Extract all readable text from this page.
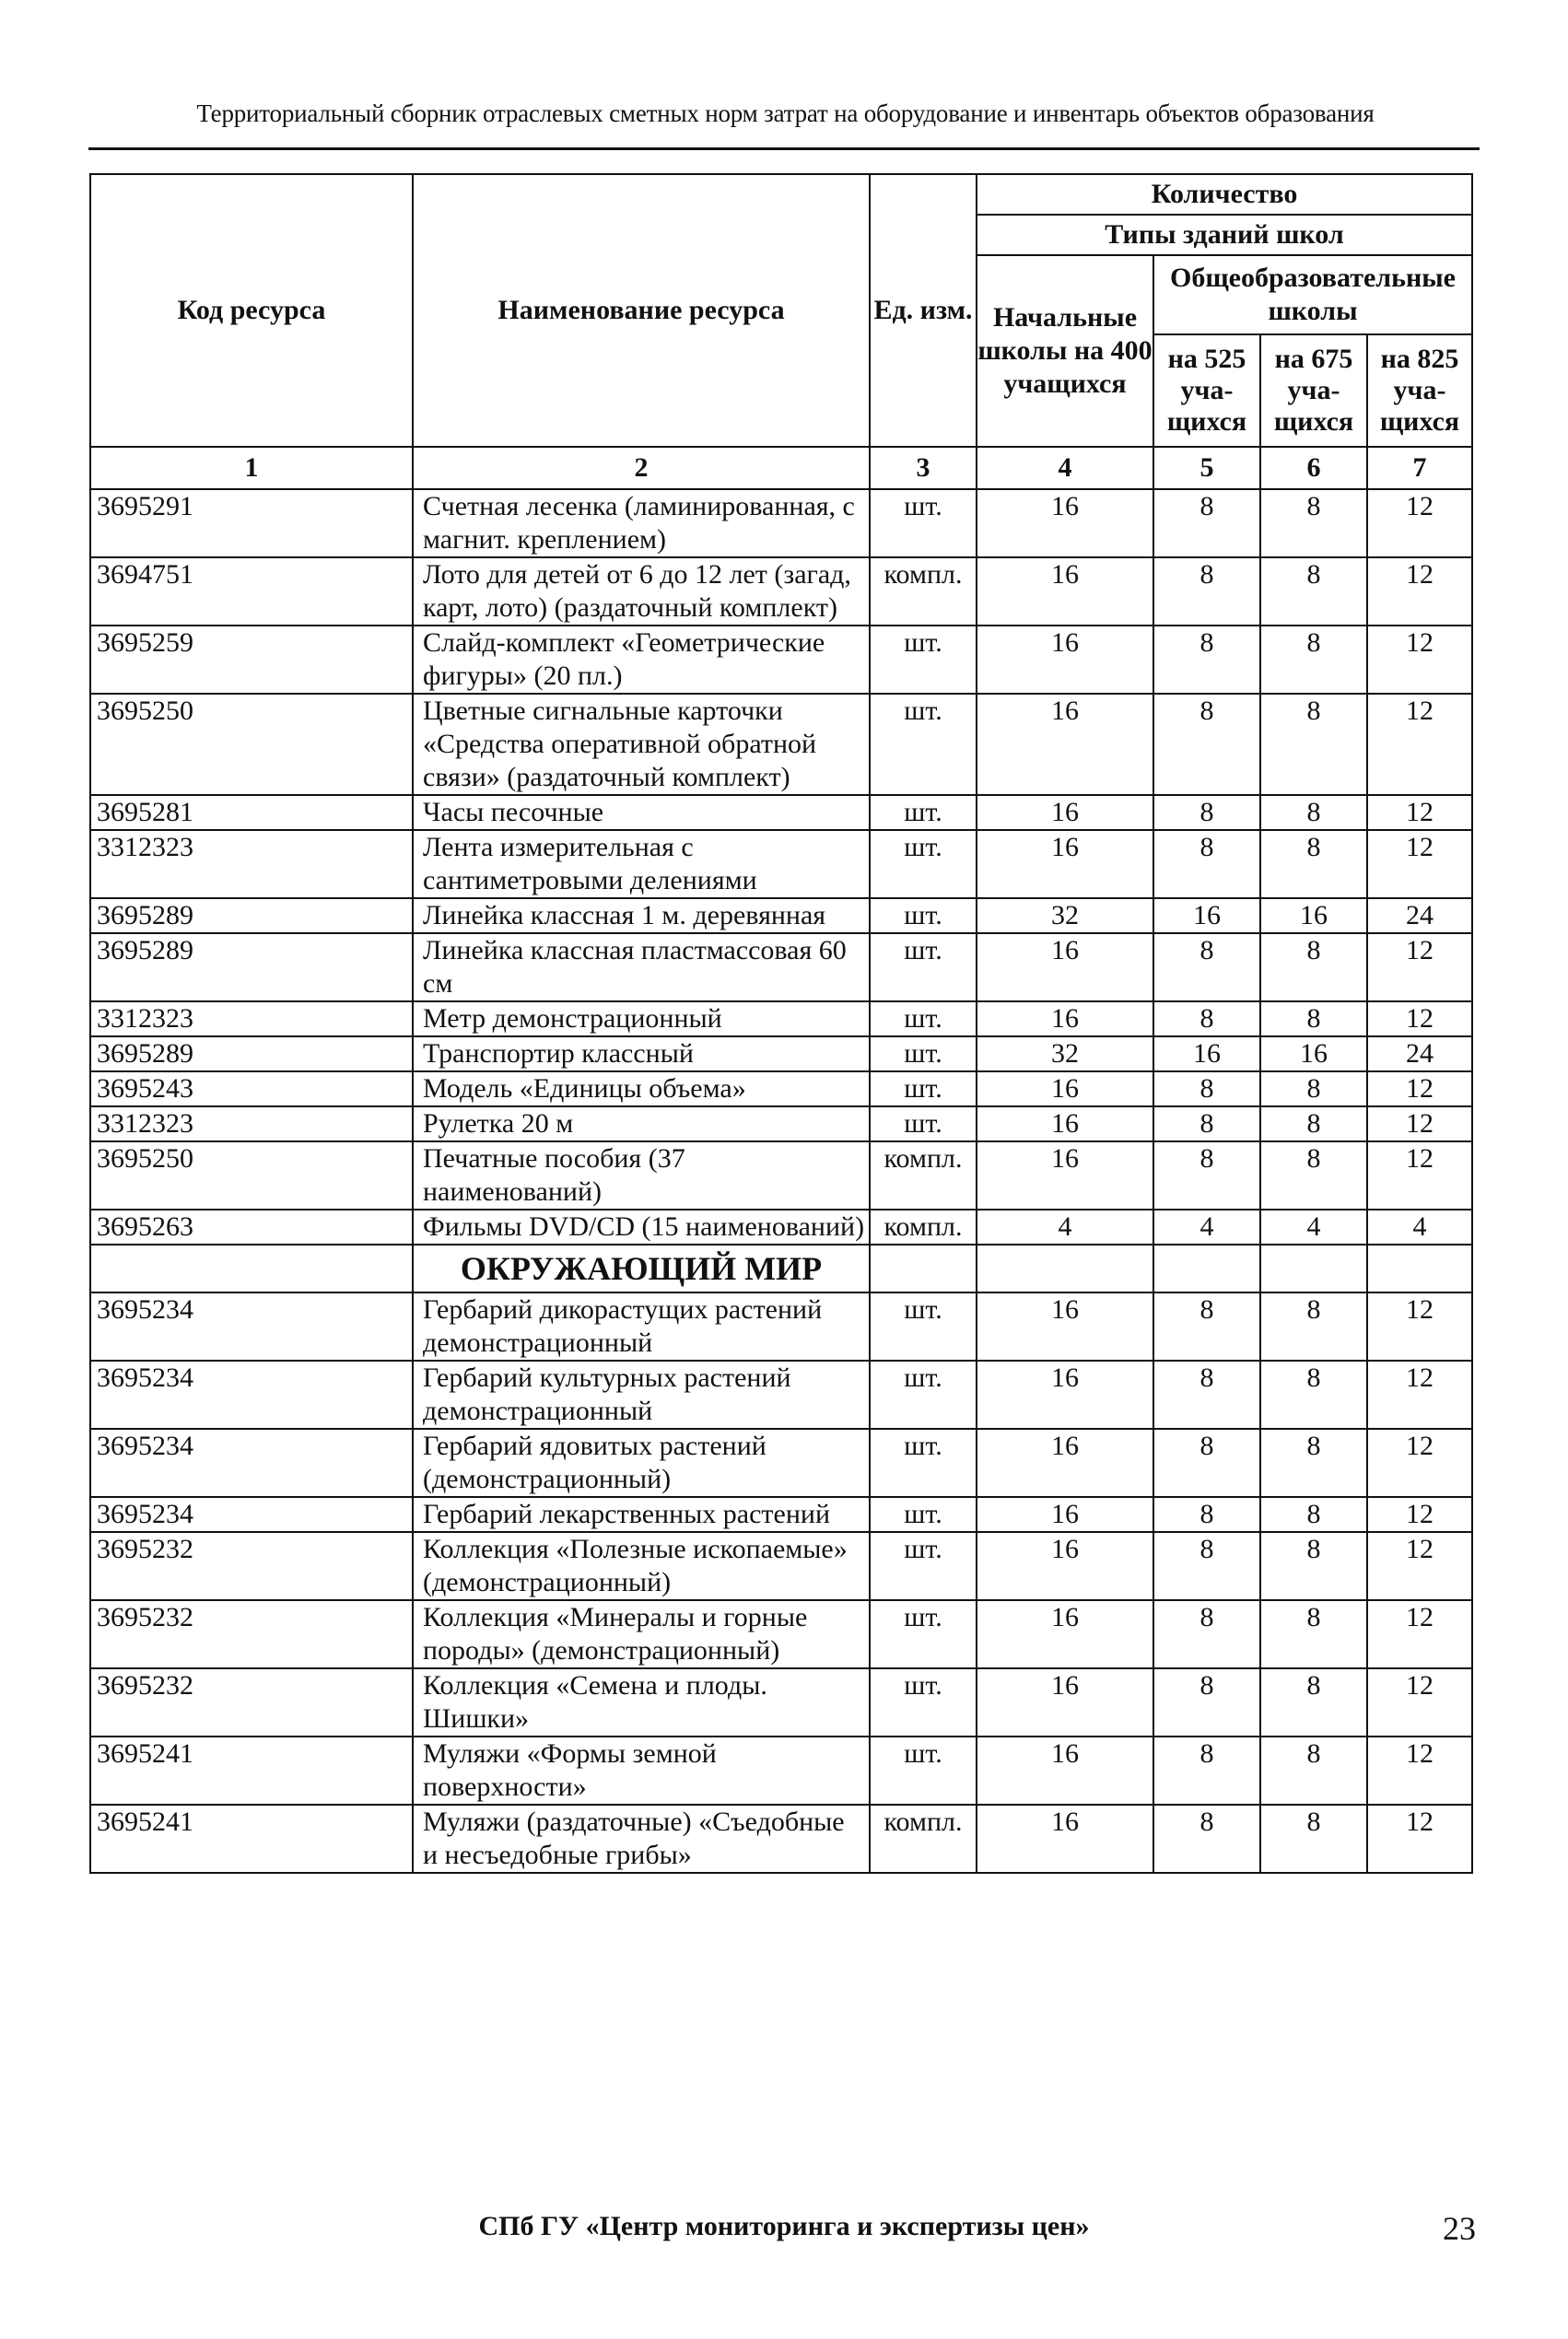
Территориальный сборник отраслевых сметных норм затрат на оборудование и инвентарь объектов образования
Код ресурса	Наименование ресурса	Ед. изм.	Количество			
			Типы зданий школ			
			Начальные школы на 400 учащихся	Общеобразовательные школы		
				на 525 уча-щихся	на 675 уча-щихся	на 825 уча-щихся
1	2	3	4	5	6	7
3695291	Счетная лесенка (ламинированная, с магнит. креплением)	шт.	16	8	8	12
3694751	Лото для детей от 6 до 12 лет (загад, карт, лото) (раздаточный комплект)	компл.	16	8	8	12
3695259	Слайд-комплект «Геометрические фигуры» (20 пл.)	шт.	16	8	8	12
3695250	Цветные сигнальные карточки «Средства оперативной обратной связи» (раздаточный комплект)	шт.	16	8	8	12
3695281	Часы песочные	шт.	16	8	8	12
3312323	Лента измерительная с сантиметровыми делениями	шт.	16	8	8	12
3695289	Линейка классная 1 м. деревянная	шт.	32	16	16	24
3695289	Линейка классная пластмассовая 60 см	шт.	16	8	8	12
3312323	Метр демонстрационный	шт.	16	8	8	12
3695289	Транспортир классный	шт.	32	16	16	24
3695243	Модель «Единицы объема»	шт.	16	8	8	12
3312323	Рулетка 20 м	шт.	16	8	8	12
3695250	Печатные пособия (37 наименований)	компл.	16	8	8	12
3695263	Фильмы DVD/CD (15 наименований)	компл.	4	4	4	4
	ОКРУЖАЮЩИЙ МИР					
3695234	Гербарий дикорастущих растений демонстрационный	шт.	16	8	8	12
3695234	Гербарий культурных растений демонстрационный	шт.	16	8	8	12
3695234	Гербарий ядовитых растений (демонстрационный)	шт.	16	8	8	12
3695234	Гербарий лекарственных растений	шт.	16	8	8	12
3695232	Коллекция «Полезные ископаемые» (демонстрационный)	шт.	16	8	8	12
3695232	Коллекция «Минералы и горные породы» (демонстрационный)	шт.	16	8	8	12
3695232	Коллекция «Семена и плоды. Шишки»	шт.	16	8	8	12
3695241	Муляжи «Формы земной поверхности»	шт.	16	8	8	12
3695241	Муляжи (раздаточные) «Съедобные и несъедобные грибы»	компл.	16	8	8	12
СПб ГУ «Центр мониторинга и экспертизы цен»	23
